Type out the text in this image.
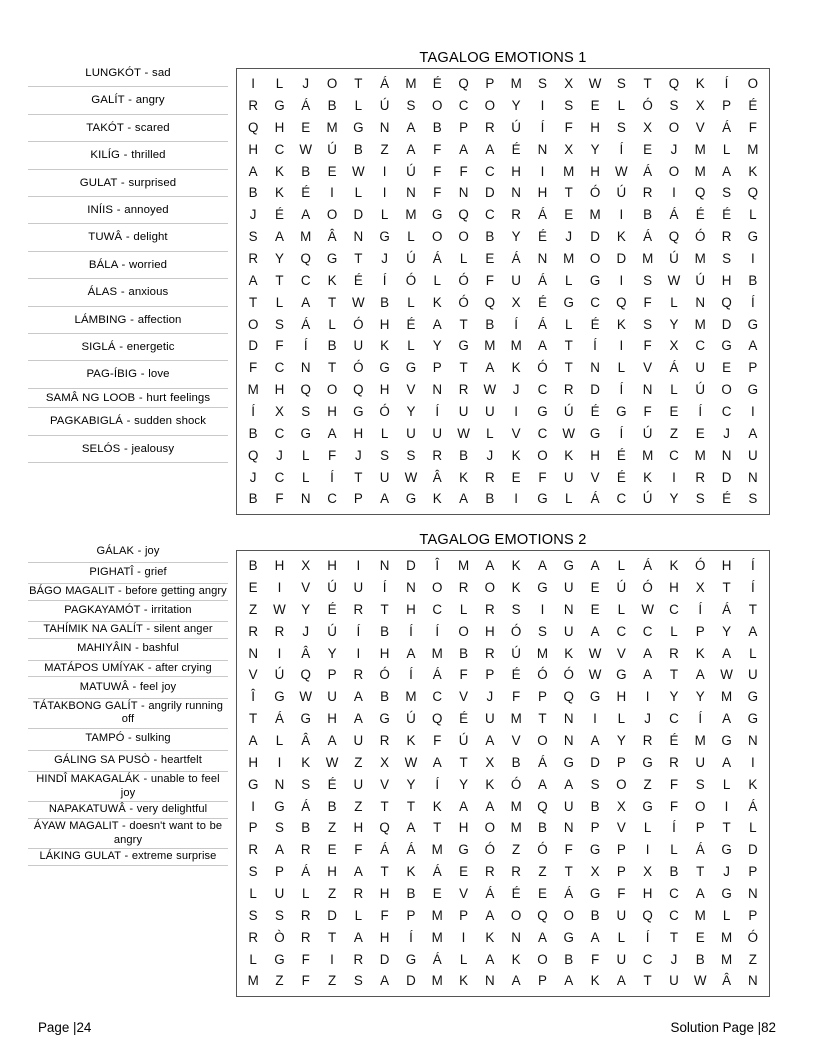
TAGALOG EMOTIONS 1
LUNGKÓT - sad
GALÍT - angry
TAKÓT - scared
KILÍG - thrilled
GULAT - surprised
INÍIS - annoyed
TUWÂ - delight
BÁLA - worried
ÁLAS - anxious
LÁMBING - affection
SIGLÁ - energetic
PAG-ÍBIG - love
SAMÂ NG LOOB - hurt feelings
PAGKABIGLÁ - sudden shock
SELÓS - jealousy
I	L	J	O	T	Á	M	É	Q	P	M	S	X	W	S	T	Q	K	Í	O
R	G	Á	B	L	Ú	S	O	C	O	Y	I	S	E	L	Ó	S	X	P	É
Q	H	E	M	G	N	A	B	P	R	Ú	Í	F	H	S	X	O	V	Á	F
H	C	W	Ú	B	Z	A	F	A	A	É	N	X	Y	Í	E	J	M	L	M
A	K	B	E	W	I	Ú	F	F	C	H	I	M	H	W	Á	O	M	A	K
B	K	É	I	L	I	N	F	N	D	N	H	T	Ó	Ú	R	I	Q	S	Q
J	É	A	O	D	L	M	G	Q	C	R	Á	E	M	I	B	Á	É	É	L
S	A	M	Â	N	G	L	O	O	B	Y	É	J	D	K	Á	Q	Ó	R	G
R	Y	Q	G	T	J	Ú	Á	L	E	Á	N	M	O	D	M	Ú	M	S	I
A	T	C	K	É	Í	Ó	L	Ó	F	U	Á	L	G	I	S	W	Ú	H	B
T	L	A	T	W	B	L	K	Ó	Q	X	É	G	C	Q	F	L	N	Q	Í
O	S	Á	L	Ó	H	É	A	T	B	Í	Á	L	É	K	S	Y	M	D	G
D	F	Í	B	U	K	L	Y	G	M	M	A	T	Í	I	F	X	C	G	A
F	C	N	T	Ó	G	G	P	T	A	K	Ó	T	N	L	V	Á	U	E	P
M	H	Q	O	Q	H	V	N	R	W	J	C	R	D	Í	N	L	Ú	O	G
Í	X	S	H	G	Ó	Y	Í	U	U	I	G	Ú	É	G	F	E	Í	C	I
B	C	G	A	H	L	U	U	W	L	V	C	W	G	Í	Ú	Z	E	J	A
Q	J	L	F	J	S	S	R	B	J	K	O	K	H	É	M	C	M	N	U
J	C	L	Í	T	U	W	Â	K	R	E	F	U	V	É	K	I	R	D	N
B	F	N	C	P	A	G	K	A	B	I	G	L	Á	C	Ú	Y	S	É	S
TAGALOG EMOTIONS 2
GÁLAK - joy
PIGHATÎ - grief
BÁGO MAGALIT - before getting angry
PAGKAYAMÓT - irritation
TAHÍMIK NA GALÍT - silent anger
MAHIYÂIN - bashful
MATÁPOS UMÍYAK - after crying
MATUWÂ - feel joy
TÁTAKBONG GALÍT - angrily running off
TAMPÓ - sulking
GÁLING SA PUSÒ - heartfelt
HINDÎ MAKAGALÁK - unable to feel joy
NAPAKATUWÂ - very delightful
ÁYAW MAGALIT - doesn't want to be angry
LÁKING GULAT - extreme surprise
B	H	X	H	I	N	D	Î	M	A	K	A	G	A	L	Á	K	Ó	H	Í
E	I	V	Ú	U	Í	N	O	R	O	K	G	U	E	Ú	Ó	H	X	T	Í
Z	W	Y	É	R	T	H	C	L	R	S	I	N	E	L	W	C	Í	Á	T
R	R	J	Ú	Í	B	Í	Í	O	H	Ó	S	U	A	C	C	L	P	Y	A
N	I	Â	Y	I	H	A	M	B	R	Ú	M	K	W	V	A	R	K	A	L
V	Ú	Q	P	R	Ó	Í	Á	F	P	É	Ó	Ó	W	G	A	T	A	W	U
Î	G	W	U	A	B	M	C	V	J	F	P	Q	G	H	I	Y	Y	M	G
T	Á	G	H	A	G	Ú	Q	É	U	M	T	N	I	L	J	C	Í	A	G
A	L	Â	A	U	R	K	F	Ú	A	V	O	N	A	Y	R	É	M	G	N
H	I	K	W	Z	X	W	A	T	X	B	Á	G	D	P	G	R	U	A	I
G	N	S	É	U	V	Y	Í	Y	K	Ó	A	A	S	O	Z	F	S	L	K
I	G	Á	B	Z	T	T	K	A	A	M	Q	U	B	X	G	F	O	I	Á
P	S	B	Z	H	Q	A	T	H	O	M	B	N	P	V	L	Í	P	T	L
R	A	R	E	F	Á	Á	M	G	Ó	Z	Ó	F	G	P	I	L	Á	G	D
S	P	Á	H	A	T	K	Á	E	R	R	Z	T	X	P	X	B	T	J	P
L	U	L	Z	R	H	B	E	V	Á	É	E	Á	G	F	H	C	A	G	N
S	S	R	D	L	F	P	M	P	A	O	Q	O	B	U	Q	C	M	L	P
R	Ò	R	T	A	H	Í	M	I	K	N	A	G	A	L	Í	T	E	M	Ó
L	G	F	I	R	D	G	Á	L	A	K	O	B	F	U	C	J	B	M	Z
M	Z	F	Z	S	A	D	M	K	N	A	P	A	K	A	T	U	W	Â	N
Page |24	Solution Page |82
